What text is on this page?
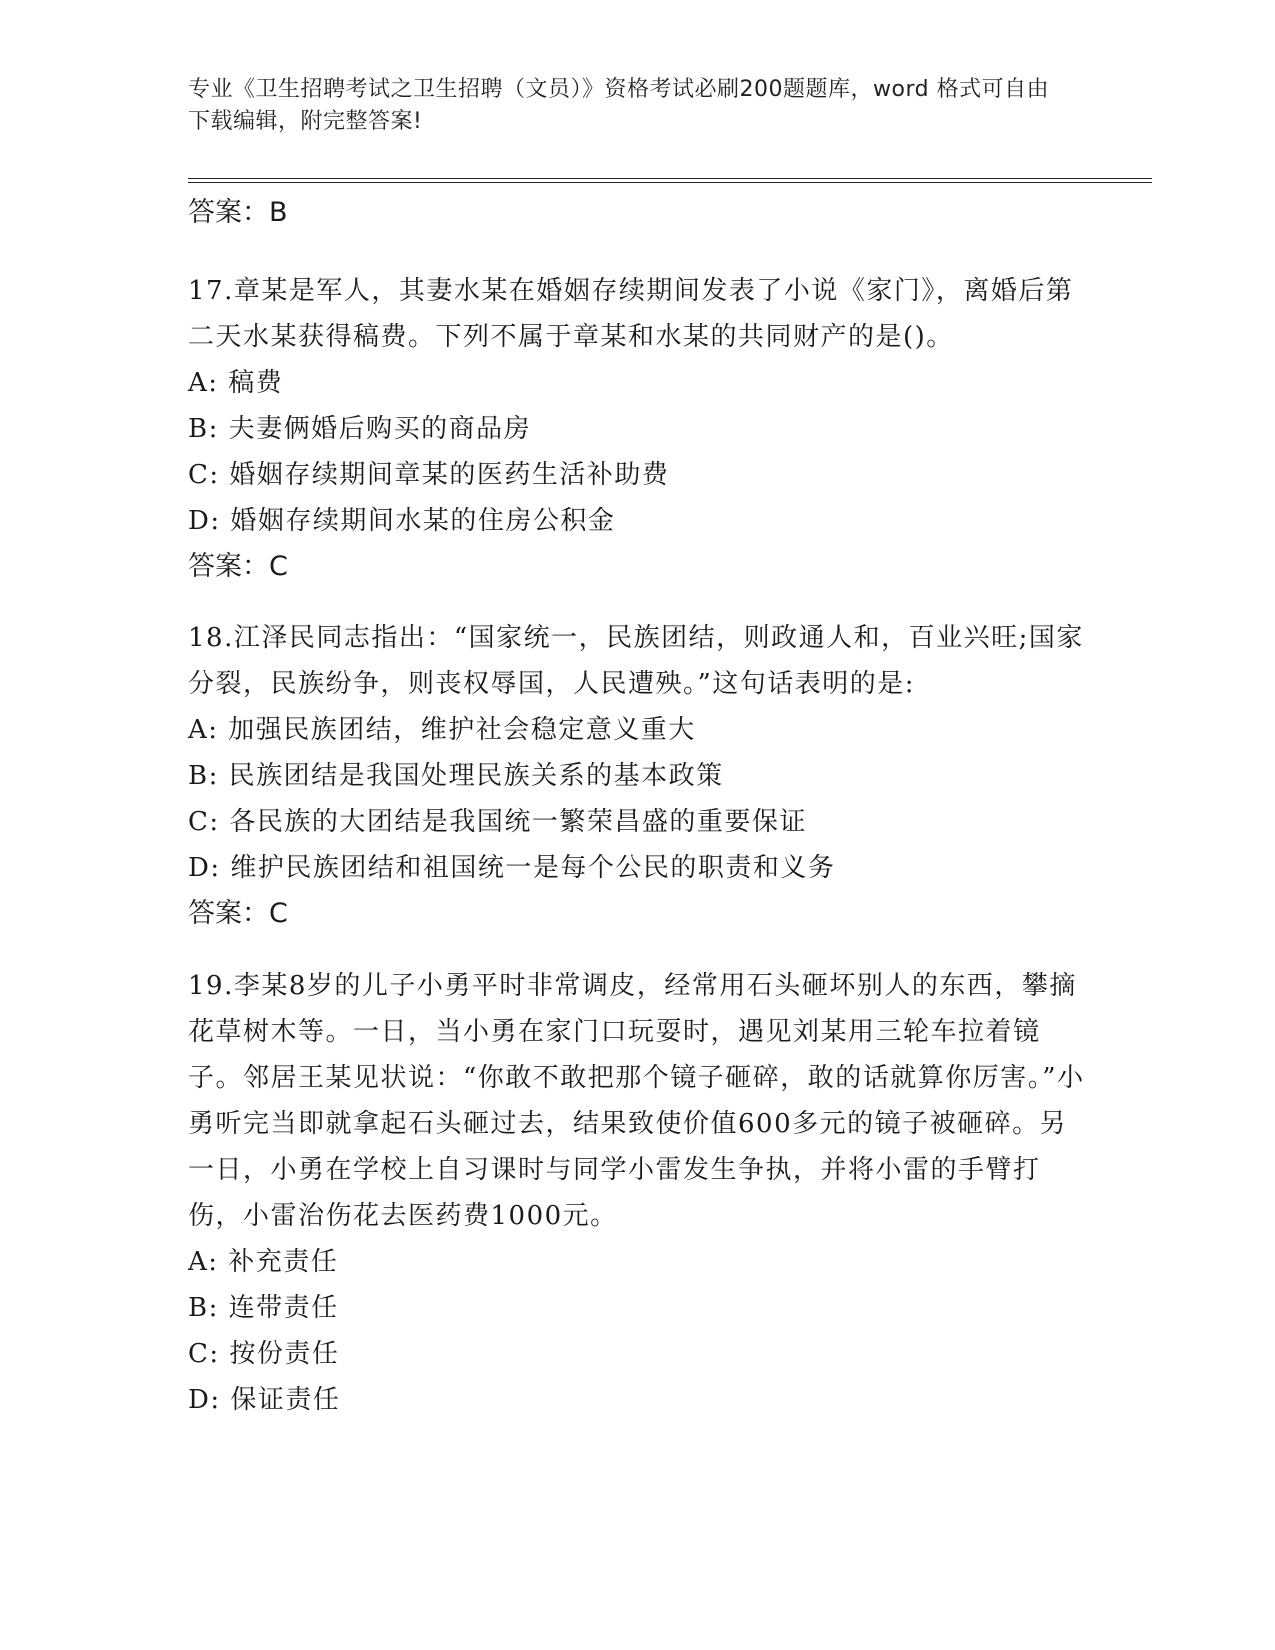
专业《卫生招聘考试之卫生招聘（文员）》资格考试必刷200题题库，word 格式可自由下载编辑，附完整答案!
答案：B
17.章某是军人，其妻水某在婚姻存续期间发表了小说《家门》，离婚后第二天水某获得稿费。下列不属于章某和水某的共同财产的是()。
A: 稿费
B: 夫妻俩婚后购买的商品房
C: 婚姻存续期间章某的医药生活补助费
D: 婚姻存续期间水某的住房公积金
答案：C
18.江泽民同志指出：“国家统一，民族团结，则政通人和，百业兴旺;国家分裂，民族纷争，则丧权辱国，人民遭殃。”这句话表明的是:
A: 加强民族团结，维护社会稳定意义重大
B: 民族团结是我国处理民族关系的基本政策
C: 各民族的大团结是我国统一繁荣昌盛的重要保证
D: 维护民族团结和祖国统一是每个公民的职责和义务
答案：C
19.李某8岁的儿子小勇平时非常调皮，经常用石头砸坏别人的东西，攀摘花草树木等。一日，当小勇在家门口玩耍时，遇见刘某用三轮车拉着镜子。邻居王某见状说：“你敢不敢把那个镜子砸碎，敢的话就算你厉害。”小勇听完当即就拿起石头砸过去，结果致使价值600多元的镜子被砸碎。另一日，小勇在学校上自习课时与同学小雷发生争执，并将小雷的手臂打伤，小雷治伤花去医药费1000元。
A: 补充责任
B: 连带责任
C: 按份责任
D: 保证责任
